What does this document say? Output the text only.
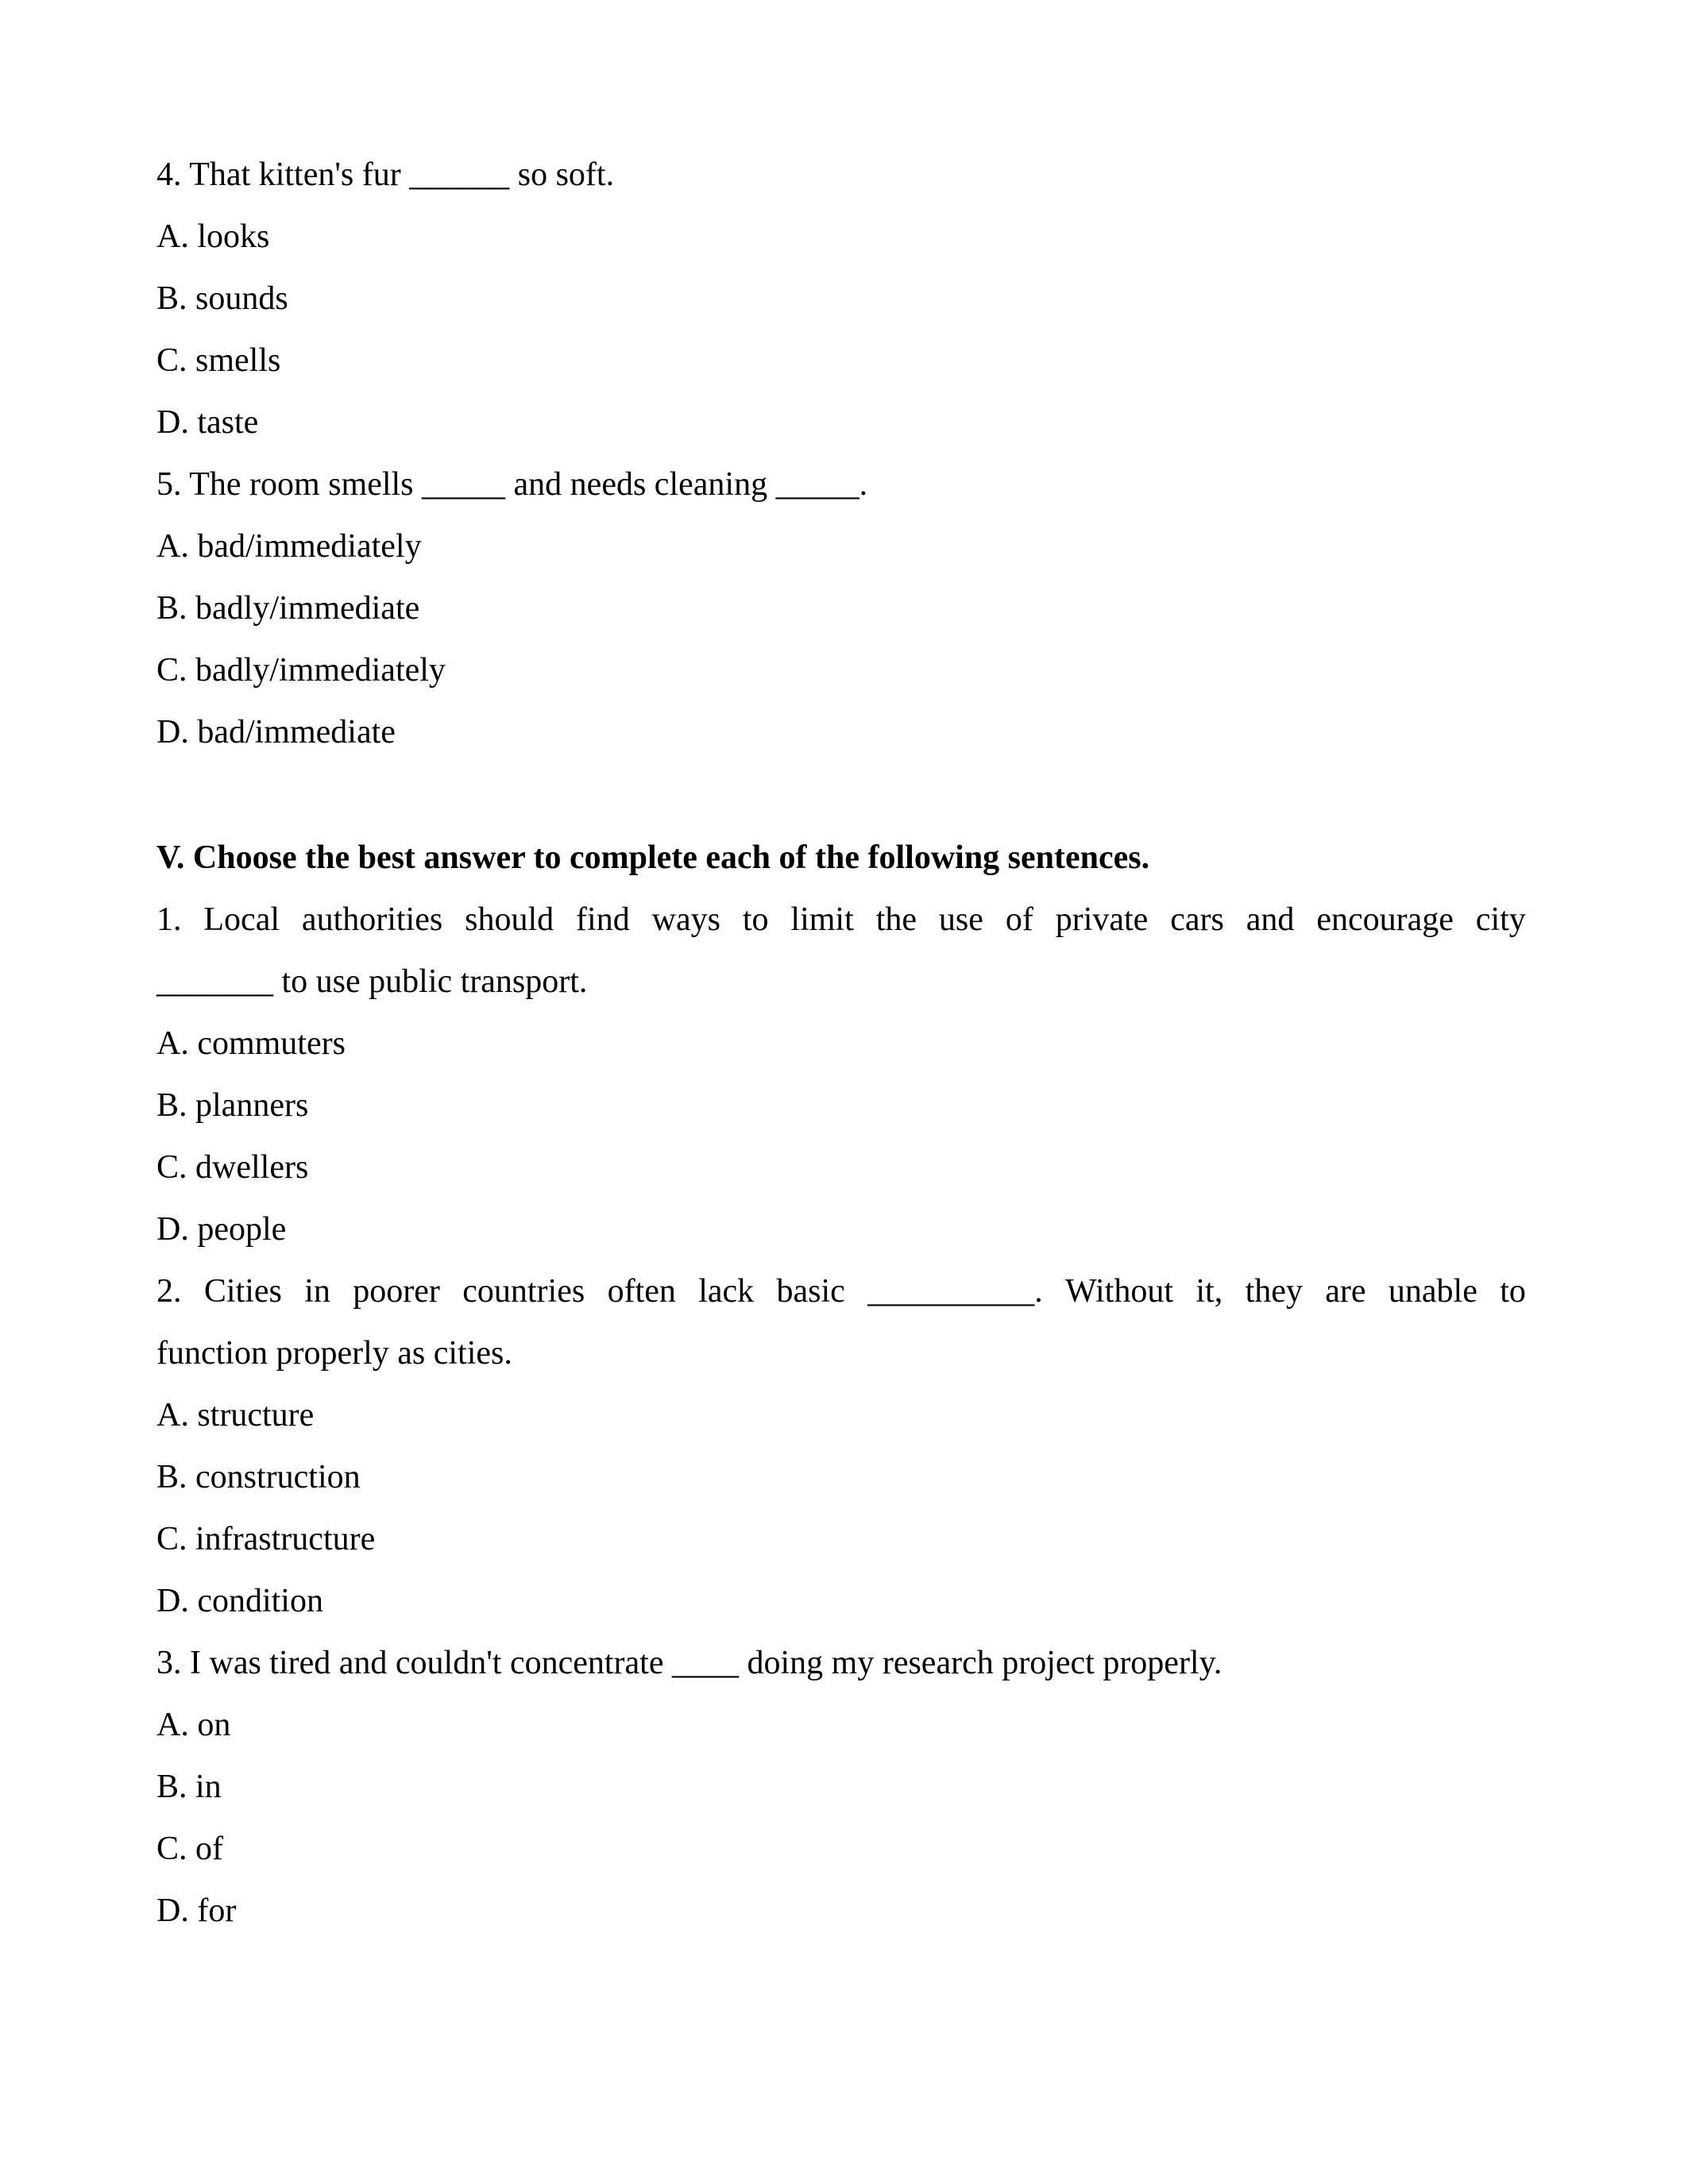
4. That kitten's fur ______ so soft.
A. looks
B. sounds
C. smells
D. taste
5. The room smells _____ and needs cleaning _____.
A. bad/immediately
B. badly/immediate
C. badly/immediately
D. bad/immediate
V. Choose the best answer to complete each of the following sentences.
1. Local authorities should find ways to limit the use of private cars and encourage city
_______ to use public transport.
A. commuters
B. planners
C. dwellers
D. people
2. Cities in poorer countries often lack basic __________. Without it, they are unable to
function properly as cities.
A. structure
B. construction
C. infrastructure
D. condition
3. I was tired and couldn't concentrate ____ doing my research project properly.
A. on
B. in
C. of
D. for
